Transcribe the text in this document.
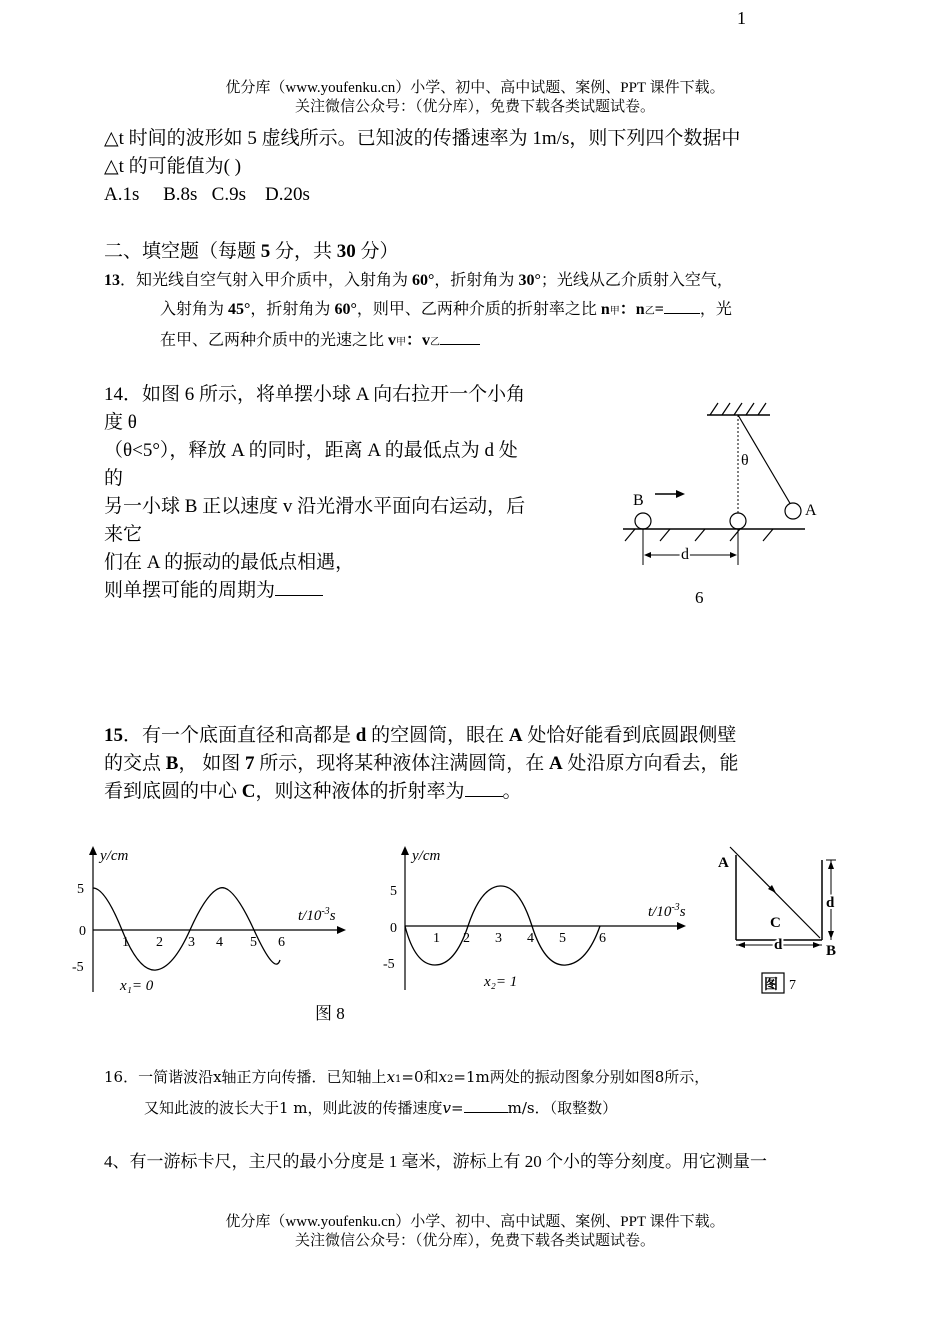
1
优分库（www.youfenku.cn）小学、初中、高中试题、案例、PPT 课件下载。
关注微信公众号：（优分库），免费下载各类试题试卷。
△t 时间的波形如 5 虚线所示。已知波的传播速率为 1m/s，则下列四个数据中
△t 的可能值为( )
A.1s     B.8s   C.9s    D.20s
二、填空题（每题 5 分，共 30 分）
13．知光线自空气射入甲介质中，入射角为 60°，折射角为 30°；光线从乙介质射入空气，
入射角为 45°，折射角为 60°，则甲、乙两种介质的折射率之比 n甲：n乙= ，光
在甲、乙两种介质中的光速之比 v甲：v乙
14．如图 6 所示，将单摆小球 A 向右拉开一个小角
度 θ
（θ<5°），释放 A 的同时，距离 A 的最低点为 d 处
的
另一小球 B 正以速度 v 沿光滑水平面向右运动，后
来它
们在 A 的振动的最低点相遇，
则单摆可能的周期为
θ
A
B
d
6
15．有一个底面直径和高都是 d 的空圆筒，眼在 A 处恰好能看到底圆跟侧壁
的交点 B， 如图 7 所示，现将某种液体注满圆筒，在 A 处沿原方向看去，能
看到底圆的中心 C，则这种液体的折射率为 。
y/cm
$t/10^{-3}s$
5
0
-5
1 2 3 4 5 6
x₁= 0
y/cm
$t/10^{-3}s$
5
0
-5
1 2 3 4 5 6
x₂= 1
图 8
A
C
d
d	B
图 7
16．一简谐波沿x轴正方向传播．已知轴上x1=0和x2=1m两处的振动图象分别如图8所示，
又知此波的波长大于1 m，则此波的传播速度v=	m/s．（取整数）
4、有一游标卡尺，主尺的最小分度是 1 毫米，游标上有 20 个小的等分刻度。用它测量一
优分库（www.youfenku.cn）小学、初中、高中试题、案例、PPT 课件下载。
关注微信公众号：（优分库），免费下载各类试题试卷。
